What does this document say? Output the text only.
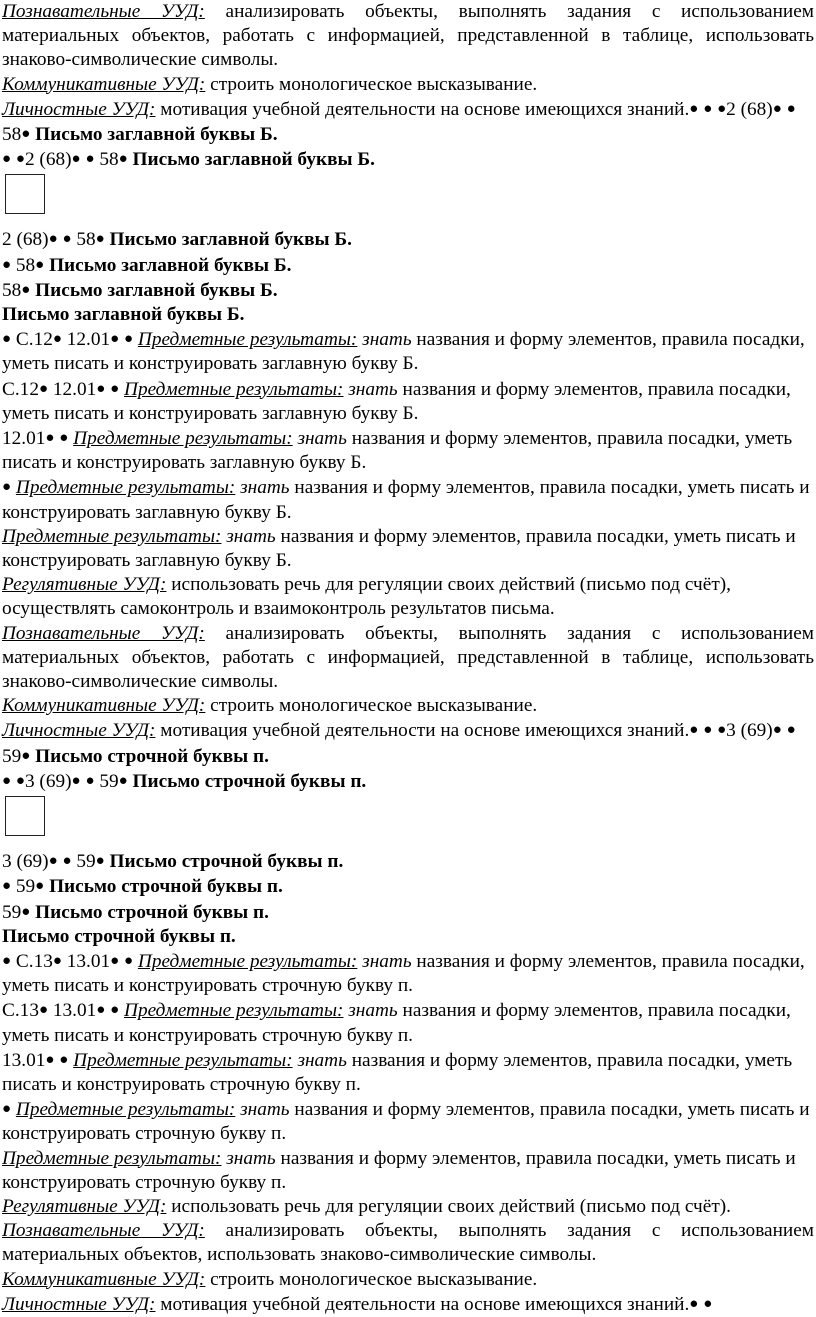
Познавательные УУД: анализировать объекты, выполнять задания с использованием материальных объектов, работать с информацией, представленной в таблице, использовать знаково-символические символы.

Коммуникативные УУД: строить монологическое высказывание.

Личностные УУД: мотивация учебной деятельности на основе имеющихся знаний.● ● ●2 (68)● ● 58● Письмо заглавной буквы Б.

● ●2 (68)● ● 58● Письмо заглавной буквы Б.

2 (68)● ● 58● Письмо заглавной буквы Б.

● 58● Письмо заглавной буквы Б.

58● Письмо заглавной буквы Б.

Письмо заглавной буквы Б.

● С.12● 12.01● ● Предметные результаты: знать названия и форму элементов, правила посадки, уметь писать и конструировать заглавную букву Б.

С.12● 12.01● ● Предметные результаты: знать названия и форму элементов, правила посадки, уметь писать и конструировать заглавную букву Б.

12.01● ● Предметные результаты: знать названия и форму элементов, правила посадки, уметь писать и конструировать заглавную букву Б.

● Предметные результаты: знать названия и форму элементов, правила посадки, уметь писать и конструировать заглавную букву Б.

Предметные результаты: знать названия и форму элементов, правила посадки, уметь писать и конструировать заглавную букву Б.

Регулятивные УУД: использовать речь для регуляции своих действий (письмо под счёт), осуществлять самоконтроль и взаимоконтроль результатов письма.

Познавательные УУД: анализировать объекты, выполнять задания с использованием материальных объектов, работать с информацией, представленной в таблице, использовать знаково-символические символы.

Коммуникативные УУД: строить монологическое высказывание.

Личностные УУД: мотивация учебной деятельности на основе имеющихся знаний.● ● ●3 (69)● ● 59● Письмо строчной буквы п.

● ●3 (69)● ● 59● Письмо строчной буквы п.

3 (69)● ● 59● Письмо строчной буквы п.

● 59● Письмо строчной буквы п.

59● Письмо строчной буквы п.

Письмо строчной буквы п.

● С.13● 13.01● ● Предметные результаты: знать названия и форму элементов, правила посадки, уметь писать и конструировать строчную букву п.

С.13● 13.01● ● Предметные результаты: знать названия и форму элементов, правила посадки, уметь писать и конструировать строчную букву п.

13.01● ● Предметные результаты: знать названия и форму элементов, правила посадки, уметь писать и конструировать строчную букву п.

● Предметные результаты: знать названия и форму элементов, правила посадки, уметь писать и конструировать строчную букву п.

Предметные результаты: знать названия и форму элементов, правила посадки, уметь писать и конструировать строчную букву п.

Регулятивные УУД: использовать речь для регуляции своих действий (письмо под счёт).

Познавательные УУД: анализировать объекты, выполнять задания с использованием материальных объектов, использовать знаково-символические символы.

Коммуникативные УУД: строить монологическое высказывание.

Личностные УУД: мотивация учебной деятельности на основе имеющихся знаний.● ●
